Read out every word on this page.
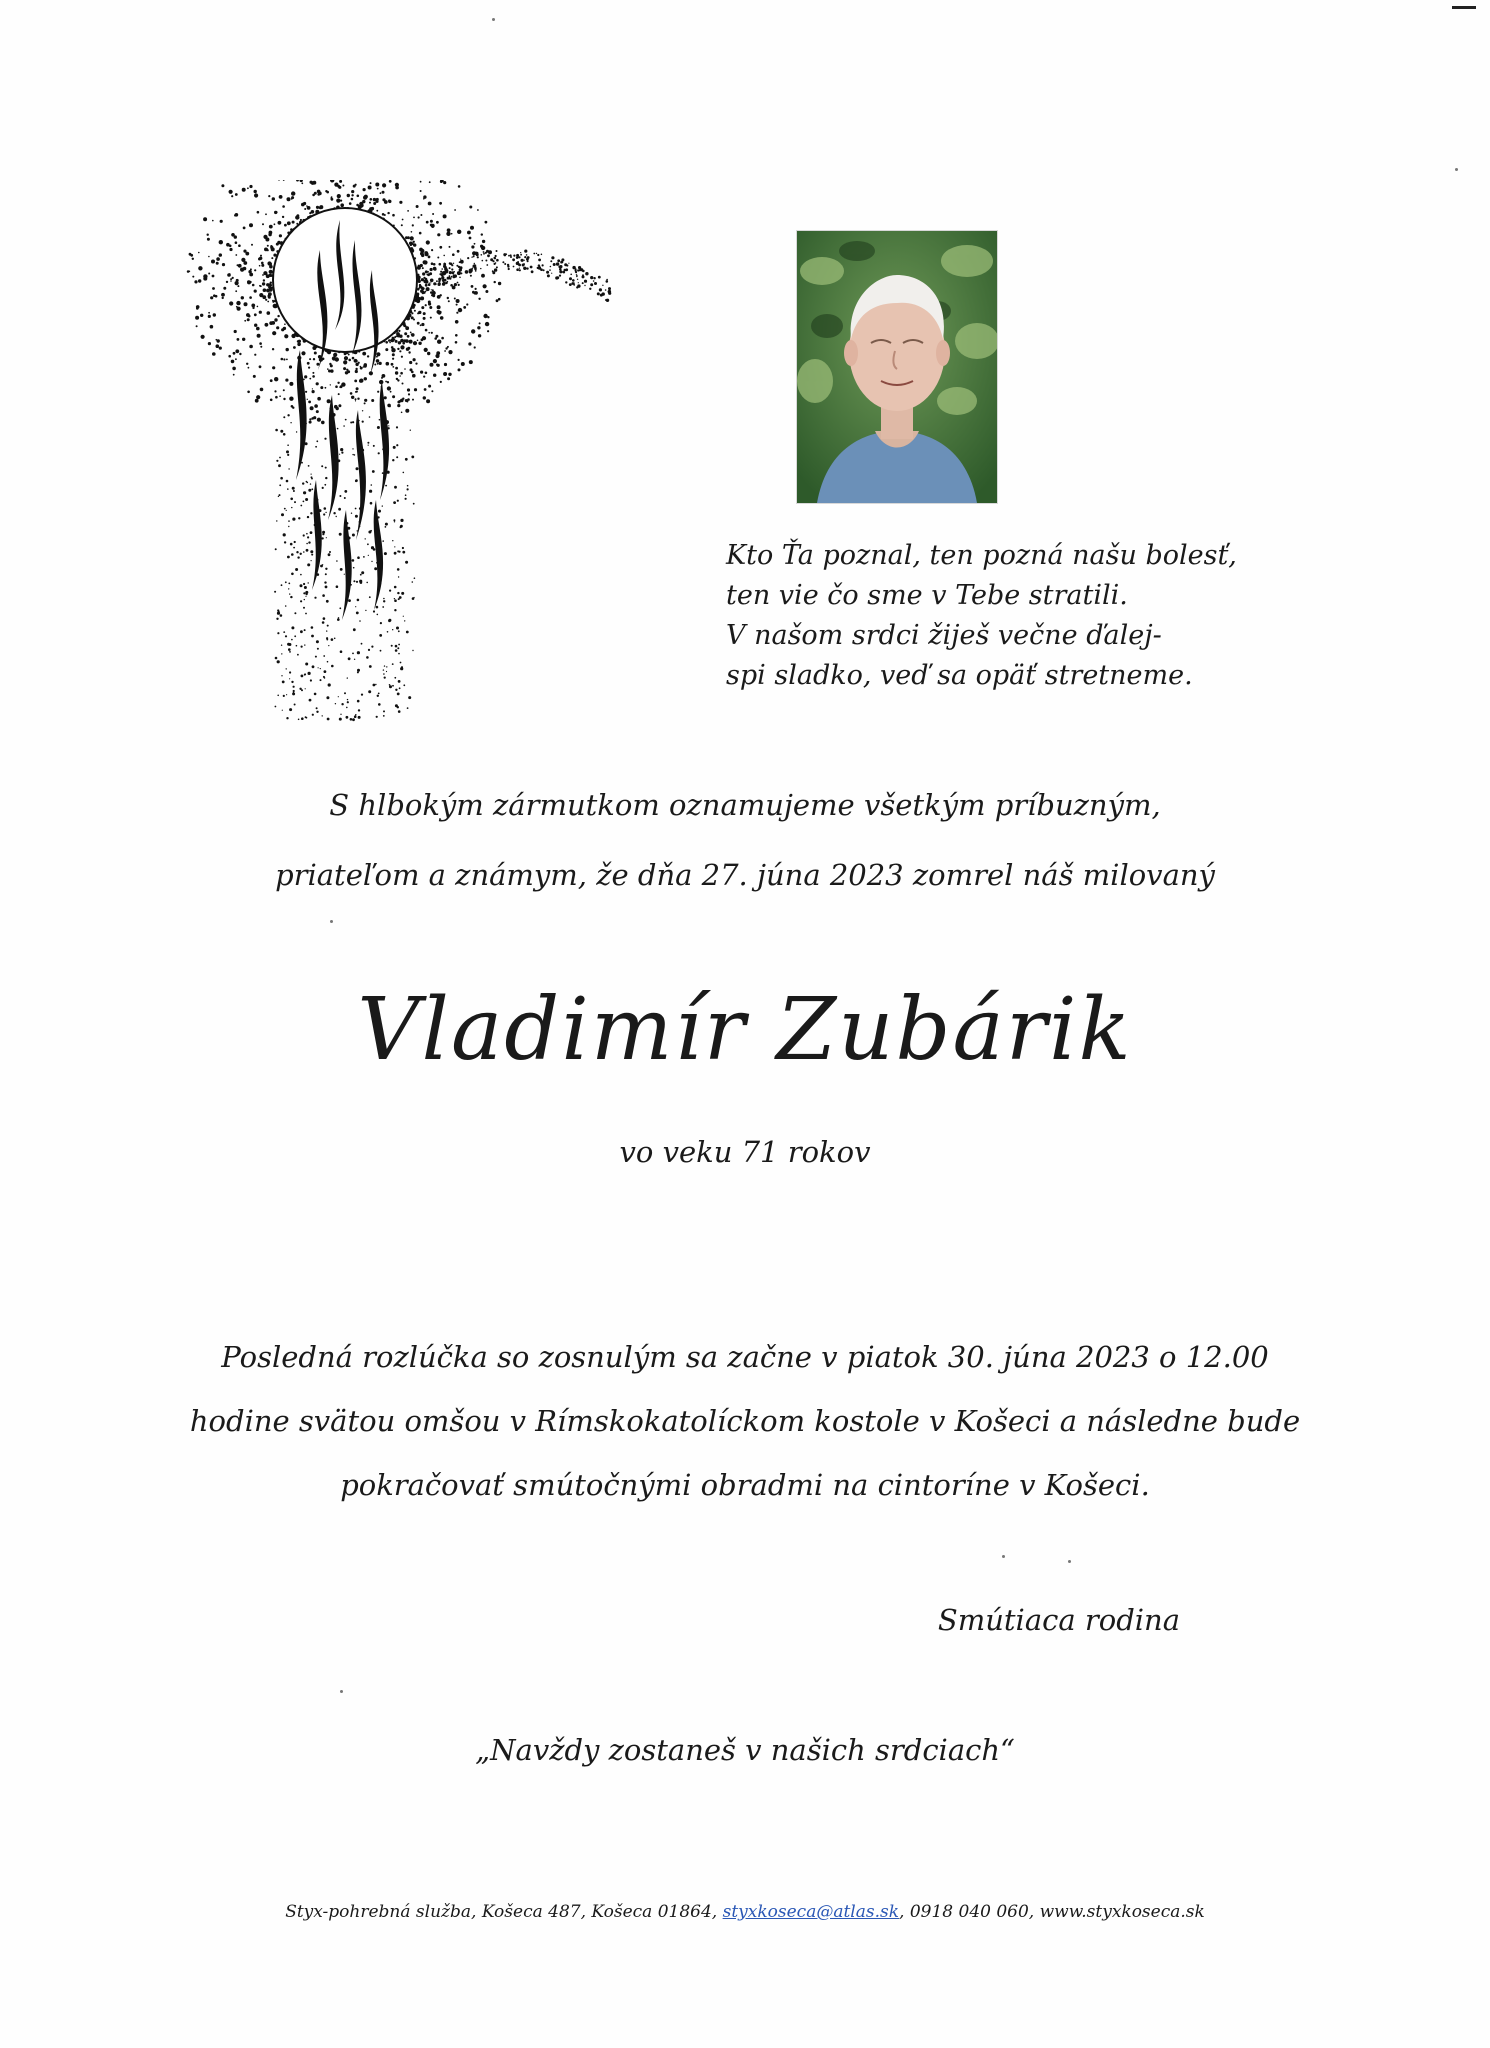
Kto Ťa poznal, ten pozná našu bolesť,
ten vie čo sme v Tebe stratili.
V našom srdci žiješ večne ďalej-
spi sladko, veď sa opäť stretneme.
S hlbokým zármutkom oznamujeme všetkým príbuzným,
priateľom a známym, že dňa 27. júna 2023 zomrel náš milovaný
Vladimír Zubárik
vo veku 71 rokov
Posledná rozlúčka so zosnulým sa začne v piatok 30. júna 2023 o 12.00
hodine svätou omšou v Rímskokatolíckom kostole v Košeci a následne bude
pokračovať smútočnými obradmi na cintoríne v Košeci.
Smútiaca rodina
„Navždy zostaneš v našich srdciach“
Styx-pohrebná služba, Košeca 487, Košeca 01864, styxkoseca@atlas.sk, 0918 040 060, www.styxkoseca.sk
